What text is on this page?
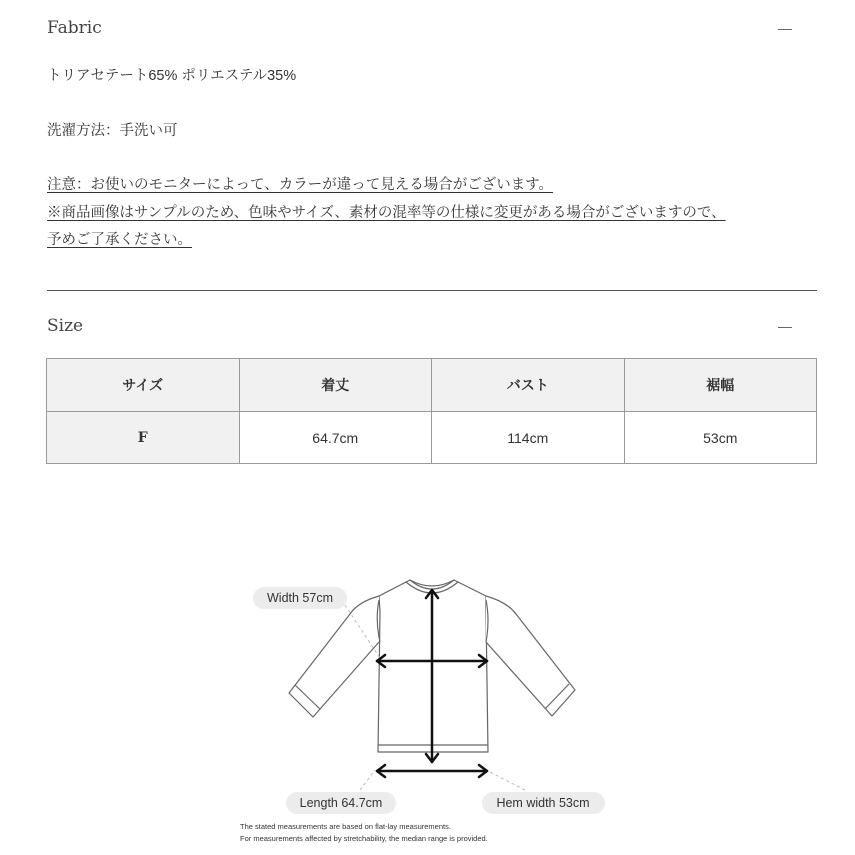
Fabric
トリアセテート65% ポリエステル35%
洗濯方法：手洗い可
注意：お使いのモニターによって、カラーが違って見える場合がございます。
※商品画像はサンプルのため、色味やサイズ、素材の混率等の仕様に変更がある場合がございますので、
予めご了承ください。
Size
サイズ	着丈	バスト	裾幅
F	64.7cm	114cm	53cm
Width 57cm
Length 64.7cm	Hem width 53cm
The stated measurements are based on flat-lay measurements.
For measurements affected by stretchability, the median range is provided.
